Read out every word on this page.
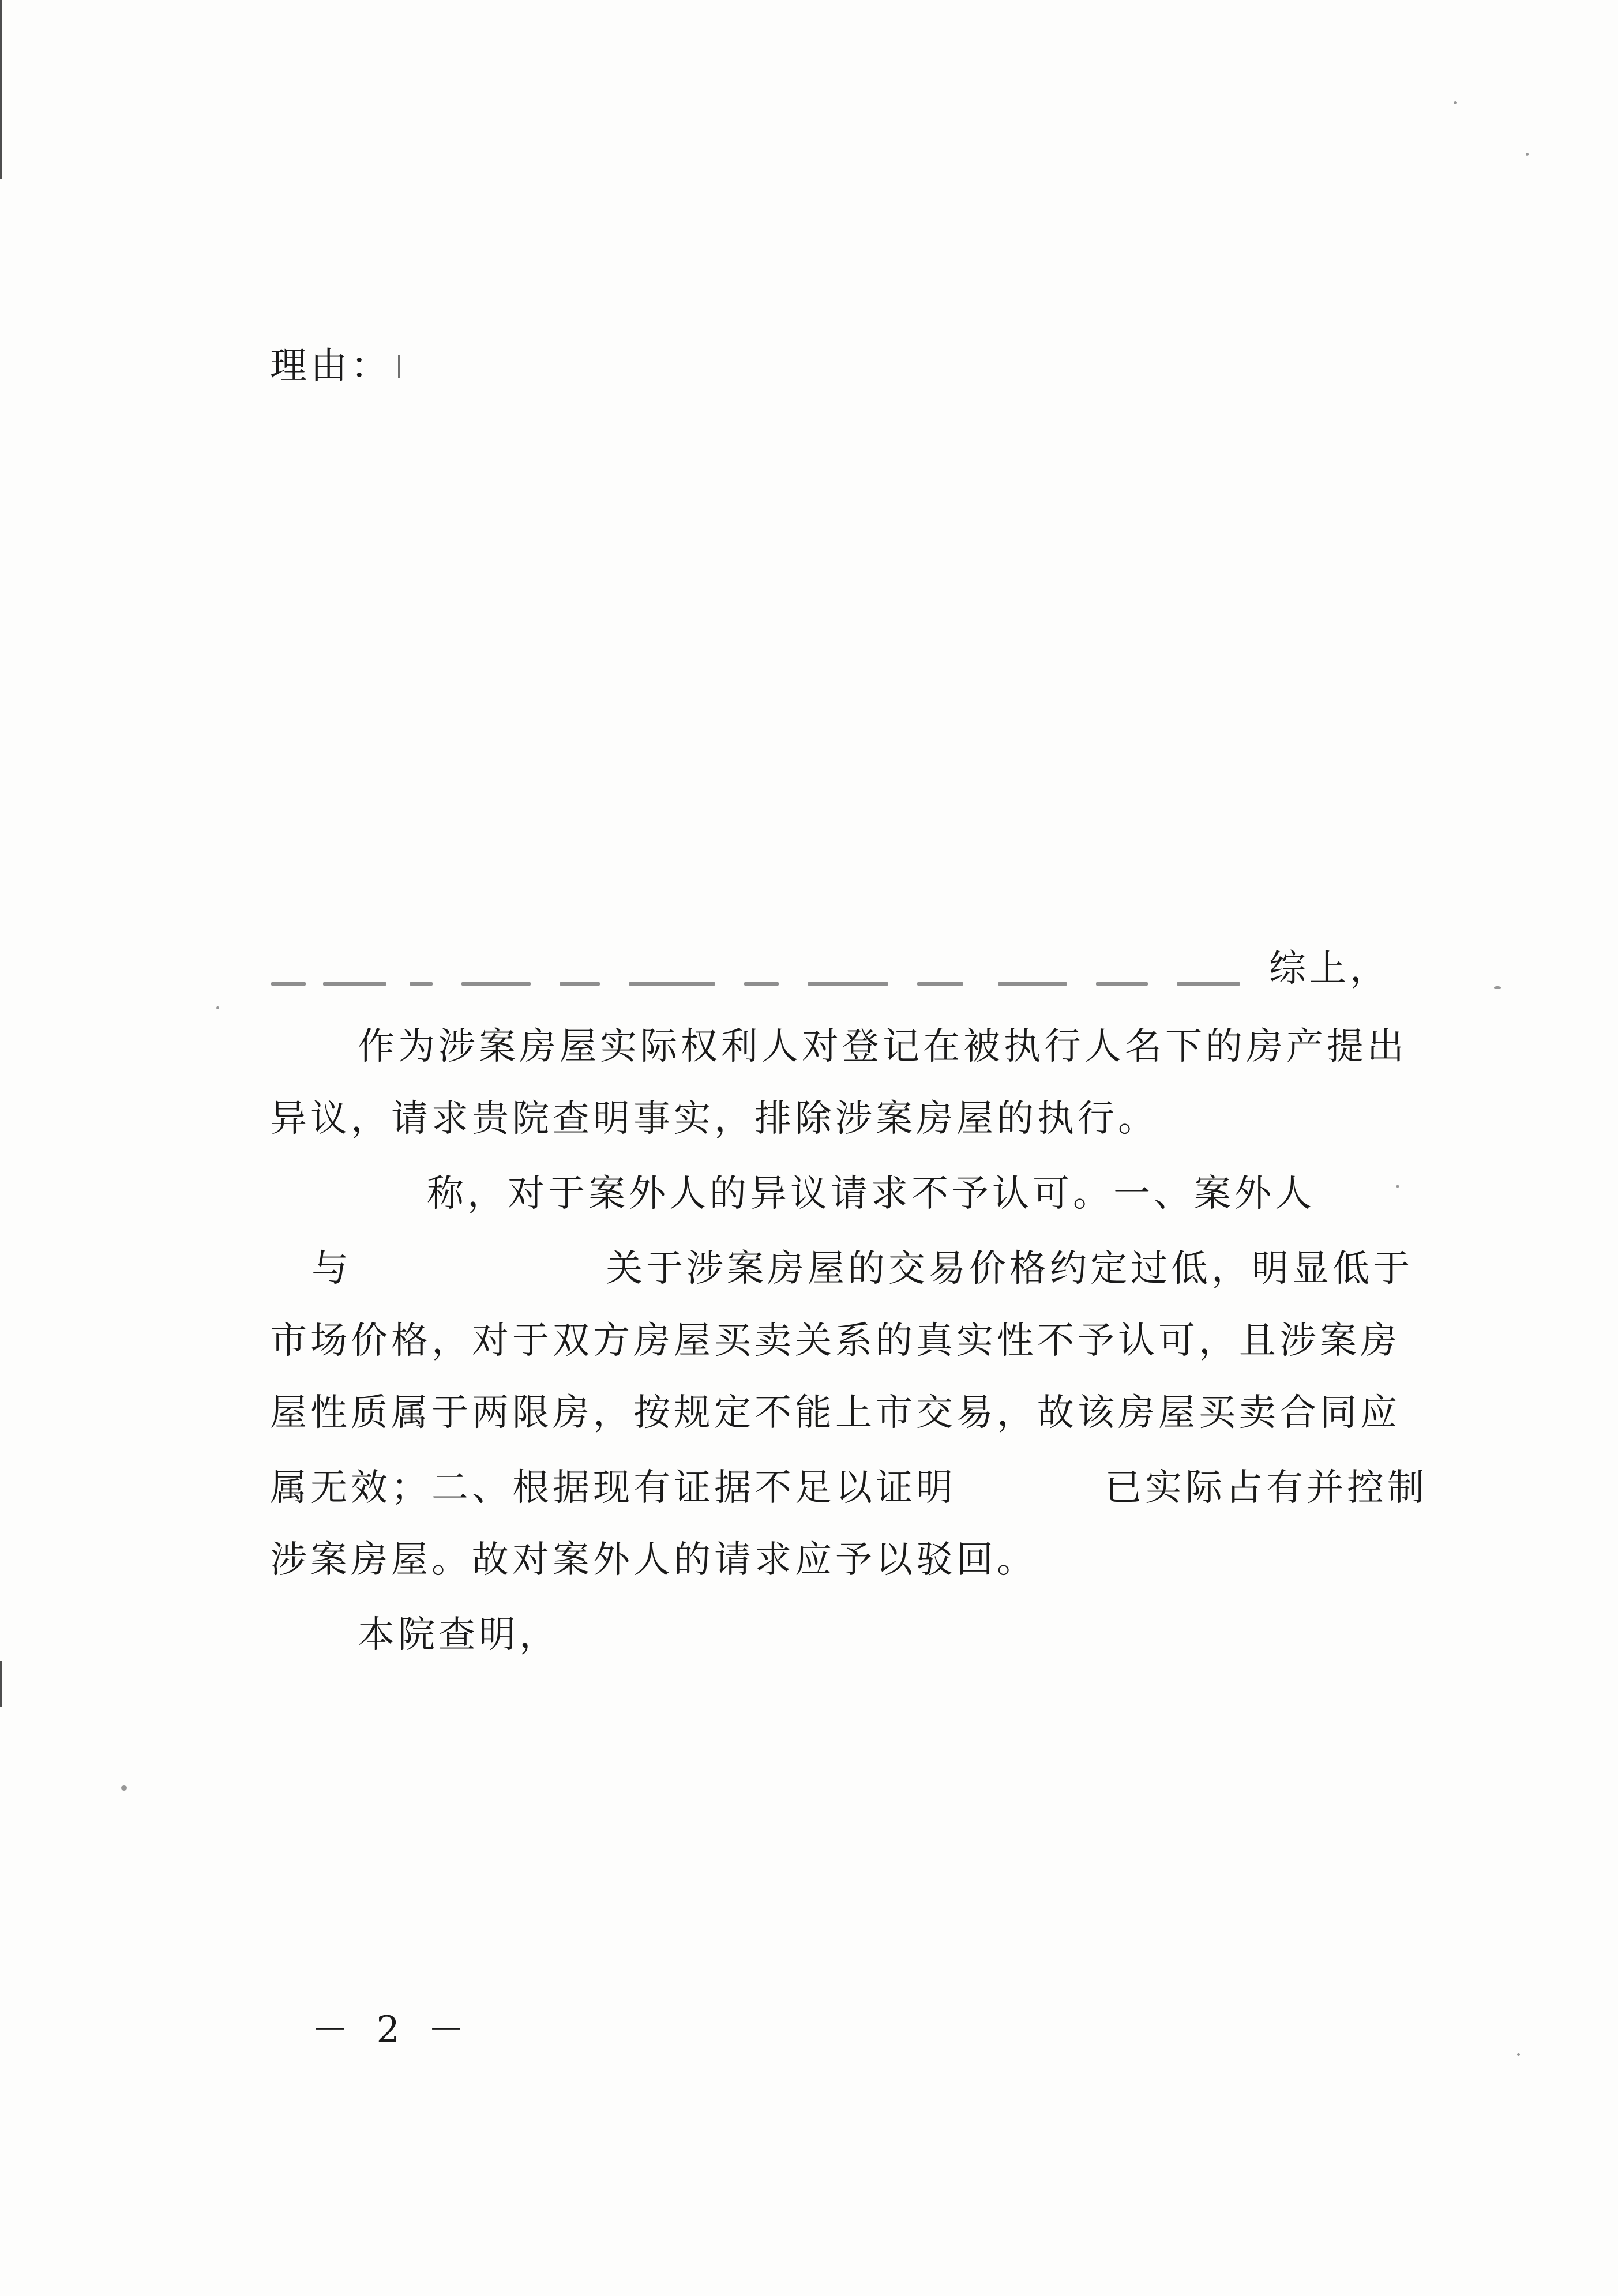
理由：
综上，
作为涉案房屋实际权利人对登记在被执行人名下的房产提出
异议，请求贵院查明事实，排除涉案房屋的执行。
称，对于案外人的异议请求不予认可。一、案外人
与	关于涉案房屋的交易价格约定过低，明显低于
市场价格，对于双方房屋买卖关系的真实性不予认可，且涉案房
屋性质属于两限房，按规定不能上市交易，故该房屋买卖合同应
属无效；二、根据现有证据不足以证明	已实际占有并控制
涉案房屋。故对案外人的请求应予以驳回。
本院查明，
－ 2 －
